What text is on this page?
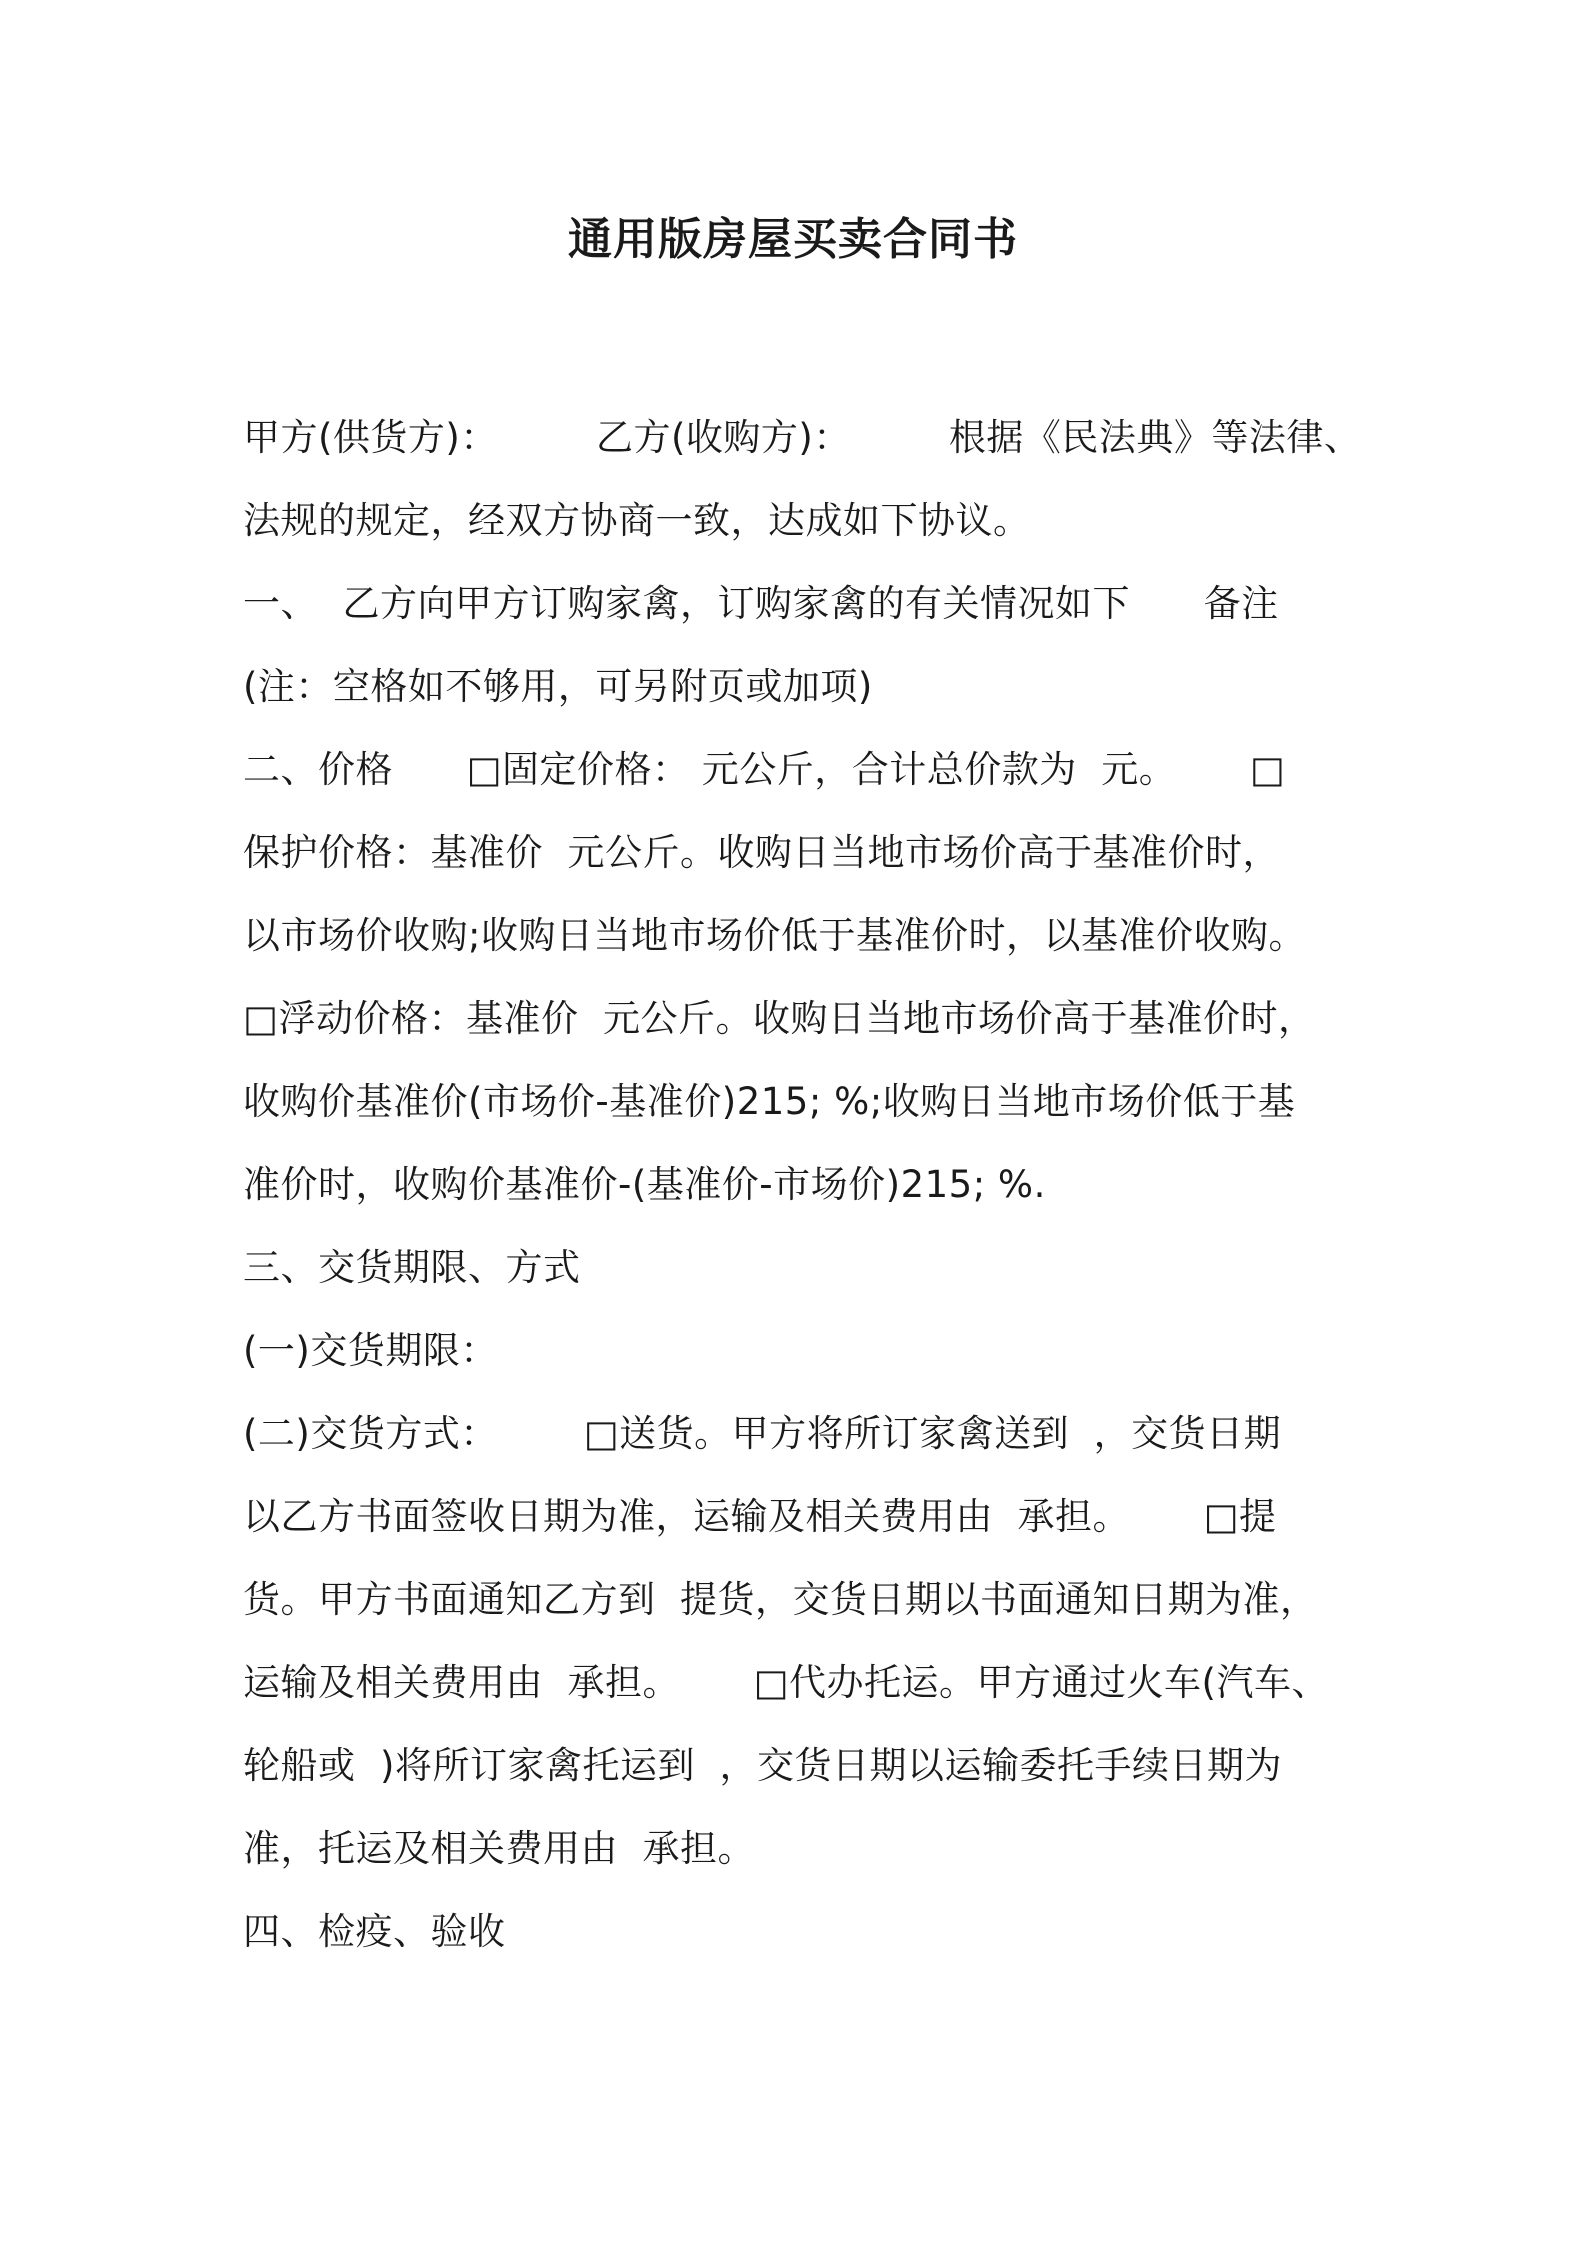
通用版房屋买卖合同书
甲方(供货方)：        乙方(收购方)：        根据《民法典》等法律、
法规的规定，经双方协商一致，达成如下协议。
一、  乙方向甲方订购家禽，订购家禽的有关情况如下      备注
(注：空格如不够用，可另附页或加项)
二、价格      □固定价格： 元公斤，合计总价款为  元。      □
保护价格：基准价  元公斤。收购日当地市场价高于基准价时，
以市场价收购;收购日当地市场价低于基准价时，以基准价收购。
□浮动价格：基准价  元公斤。收购日当地市场价高于基准价时，
收购价基准价(市场价-基准价)215; %;收购日当地市场价低于基
准价时，收购价基准价-(基准价-市场价)215; %.
三、交货期限、方式
(一)交货期限：
(二)交货方式：       □送货。甲方将所订家禽送到  ，交货日期
以乙方书面签收日期为准，运输及相关费用由  承担。      □提
货。甲方书面通知乙方到  提货，交货日期以书面通知日期为准，
运输及相关费用由  承担。      □代办托运。甲方通过火车(汽车、
轮船或  )将所订家禽托运到  ，交货日期以运输委托手续日期为
准，托运及相关费用由  承担。
四、检疫、验收
